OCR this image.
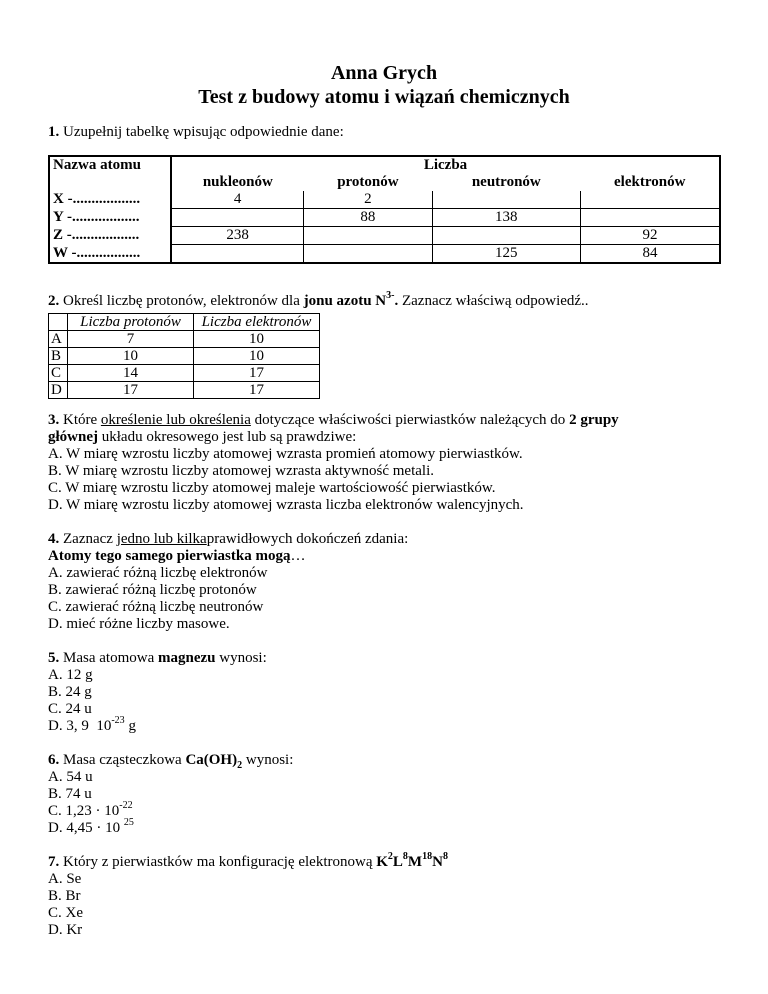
Anna Grych
Test z budowy atomu i wiązań chemicznych
1. Uzupełnij tabelkę wpisując odpowiednie dane:
Nazwa atomu	Liczba			
	nukleonów	protonów	neutronów	elektronów
X -..................	4	2		
Y -..................		88	138	
Z -..................	238			92
W -.................			125	84
2. Określ liczbę protonów, elektronów dla jonu azotu $N^{3-}$. Zaznacz właściwą odpowiedź..
	Liczba protonów	Liczba elektronów
A	7	10
B	10	10
C	14	17
D	17	17
3. Które określenie lub określenia dotyczące właściwości pierwiastków należących do 2 grupy
głównej układu okresowego jest lub są prawdziwe:
A. W miarę wzrostu liczby atomowej wzrasta promień atomowy pierwiastków.
B. W miarę wzrostu liczby atomowej wzrasta aktywność metali.
C. W miarę wzrostu liczby atomowej maleje wartościowość pierwiastków.
D. W miarę wzrostu liczby atomowej wzrasta liczba elektronów walencyjnych.
4. Zaznacz jedno lub kilkaprawidłowych dokończeń zdania:
Atomy tego samego pierwiastka mogą…
A. zawierać różną liczbę elektronów
B. zawierać różną liczbę protonów
C. zawierać różną liczbę neutronów
D. mieć różne liczby masowe.
5. Masa atomowa magnezu wynosi:
A. 12 g
B. 24 g
C. 24 u
D. 3, 9  $10^{-23}$ g
6. Masa cząsteczkowa $Ca(OH)_2$ wynosi:
A. 54 u
B. 74 u
C. $1,23 \cdot 10^{-22}$
D. 4,45 · 10 $^{25}$
7. Który z pierwiastków ma konfigurację elektronową $K^2L^8M^{18}N^8$
A. Se
B. Br
C. Xe
D. Kr
